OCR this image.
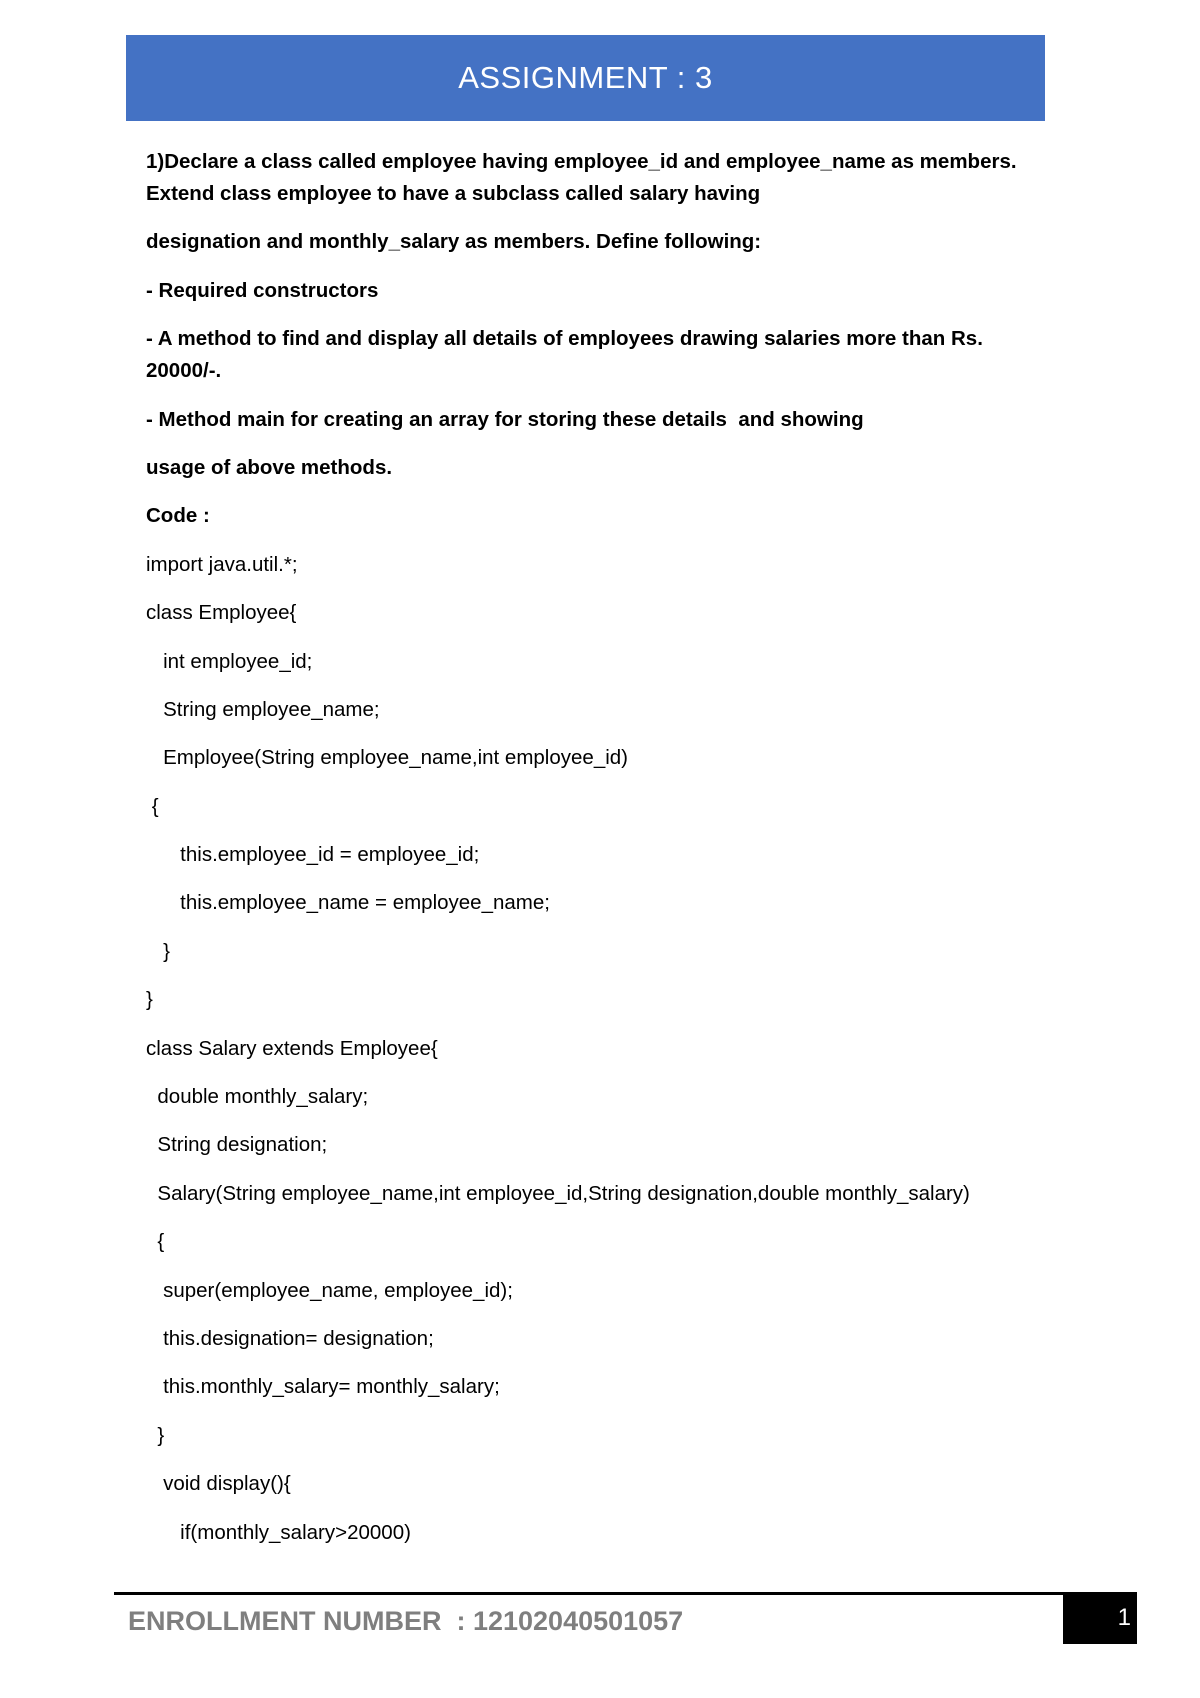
ASSIGNMENT : 3
1)Declare a class called employee having employee_id and employee_name as members.
Extend class employee to have a subclass called salary having
designation and monthly_salary as members. Define following:
- Required constructors
- A method to find and display all details of employees drawing salaries more than Rs.
20000/-.
- Method main for creating an array for storing these details  and showing
usage of above methods.
Code :
import java.util.*;
class Employee{
int employee_id;
String employee_name;
Employee(String employee_name,int employee_id)
{
this.employee_id = employee_id;
this.employee_name = employee_name;
}
}
class Salary extends Employee{
double monthly_salary;
String designation;
Salary(String employee_name,int employee_id,String designation,double monthly_salary)
{
super(employee_name, employee_id);
this.designation= designation;
this.monthly_salary= monthly_salary;
}
void display(){
if(monthly_salary>20000)
ENROLLMENT NUMBER  : 12102040501057	1
